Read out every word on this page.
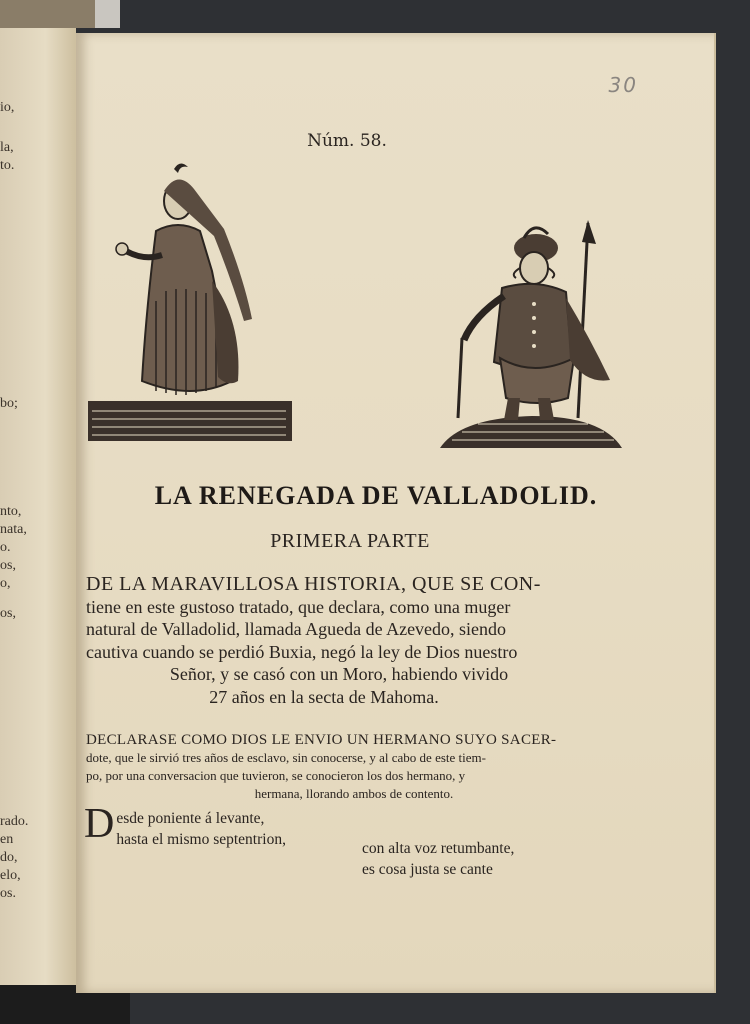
io,
la,
to.
bo;
nto,
nata,
o.
os,
o,
os,
rado.
en
do,
elo,
os.
30
Núm. 58.
LA RENEGADA DE VALLADOLID.
PRIMERA PARTE
DE LA MARAVILLOSA HISTORIA, QUE SE CON-
tiene en este gustoso tratado, que declara, como una muger
natural de Valladolid, llamada Agueda de Azevedo, siendo
cautiva cuando se perdió Buxia, negó la ley de Dios nuestro
Señor, y se casó con un Moro, habiendo vivido
27 años en la secta de Mahoma.
DECLARASE COMO DIOS LE ENVIO UN HERMANO SUYO SACER-
dote, que le sirvió tres años de esclavo, sin conocerse, y al cabo de este tiem-
po, por una conversacion que tuvieron, se conocieron los dos hermano, y
hermana, llorando ambos de contento.
D esde poniente á levante,
hasta el mismo septentrion,
con alta voz retumbante,
es cosa justa se cante
